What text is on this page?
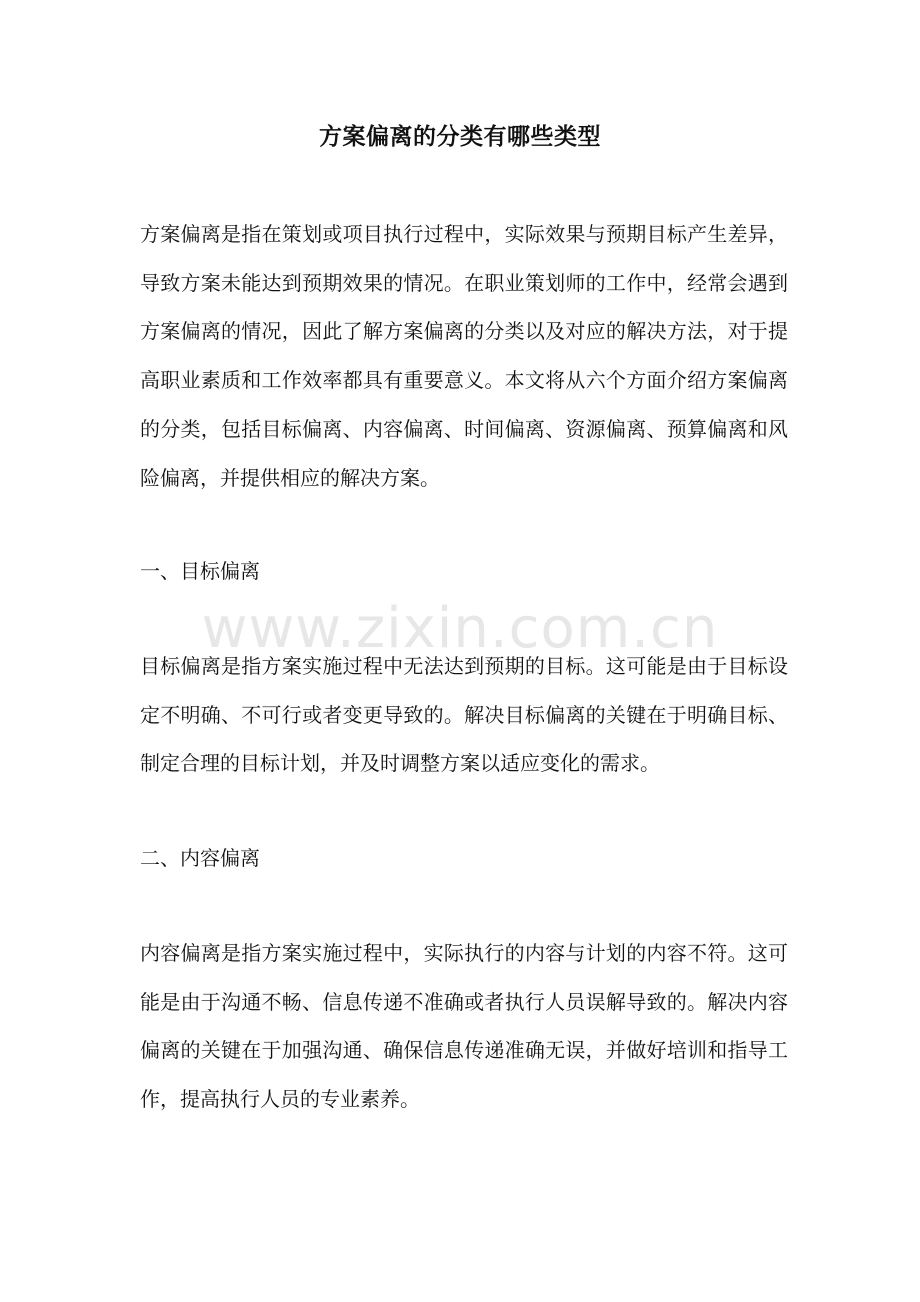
方案偏离的分类有哪些类型

方案偏离是指在策划或项目执行过程中，实际效果与预期目标产生差异，导致方案未能达到预期效果的情况。在职业策划师的工作中，经常会遇到方案偏离的情况，因此了解方案偏离的分类以及对应的解决方法，对于提高职业素质和工作效率都具有重要意义。本文将从六个方面介绍方案偏离的分类，包括目标偏离、内容偏离、时间偏离、资源偏离、预算偏离和风险偏离，并提供相应的解决方案。

一、目标偏离

www.zixin.com.cn

目标偏离是指方案实施过程中无法达到预期的目标。这可能是由于目标设定不明确、不可行或者变更导致的。解决目标偏离的关键在于明确目标、制定合理的目标计划，并及时调整方案以适应变化的需求。

二、内容偏离

内容偏离是指方案实施过程中，实际执行的内容与计划的内容不符。这可能是由于沟通不畅、信息传递不准确或者执行人员误解导致的。解决内容偏离的关键在于加强沟通、确保信息传递准确无误，并做好培训和指导工作，提高执行人员的专业素养。
